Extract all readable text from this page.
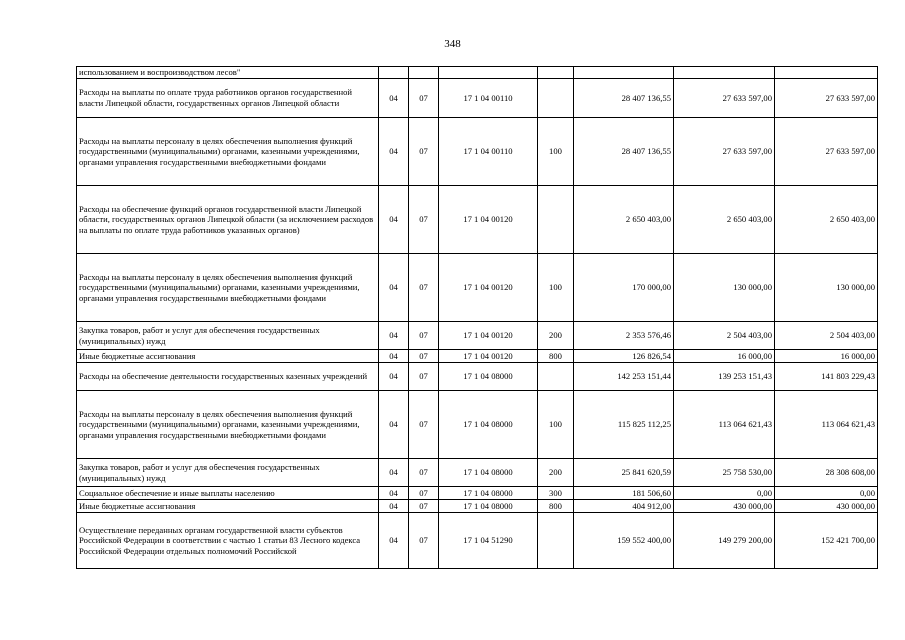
348
использованием и воспроизводством лесов"							
Расходы на выплаты по оплате труда работников органов государственной власти Липецкой области, государственных органов Липецкой области	04	07	17 1 04 00110		28 407 136,55	27 633 597,00	27 633 597,00
Расходы на выплаты персоналу в целях обеспечения выполнения функций государственными (муниципальными) органами, казенными учреждениями, органами управления государственными внебюджетными фондами	04	07	17 1 04 00110	100	28 407 136,55	27 633 597,00	27 633 597,00
Расходы на обеспечение функций органов государственной власти Липецкой области, государственных органов Липецкой области (за исключением расходов на выплаты по оплате труда работников указанных органов)	04	07	17 1 04 00120		2 650 403,00	2 650 403,00	2 650 403,00
Расходы на выплаты персоналу в целях обеспечения выполнения функций государственными (муниципальными) органами, казенными учреждениями, органами управления государственными внебюджетными фондами	04	07	17 1 04 00120	100	170 000,00	130 000,00	130 000,00
Закупка товаров, работ и услуг для обеспечения государственных (муниципальных) нужд	04	07	17 1 04 00120	200	2 353 576,46	2 504 403,00	2 504 403,00
Иные бюджетные ассигнования	04	07	17 1 04 00120	800	126 826,54	16 000,00	16 000,00
Расходы на обеспечение деятельности государственных казенных учреждений	04	07	17 1 04 08000		142 253 151,44	139 253 151,43	141 803 229,43
Расходы на выплаты персоналу в целях обеспечения выполнения функций государственными (муниципальными) органами, казенными учреждениями, органами управления государственными внебюджетными фондами	04	07	17 1 04 08000	100	115 825 112,25	113 064 621,43	113 064 621,43
Закупка товаров, работ и услуг для обеспечения государственных (муниципальных) нужд	04	07	17 1 04 08000	200	25 841 620,59	25 758 530,00	28 308 608,00
Социальное обеспечение и иные выплаты населению	04	07	17 1 04 08000	300	181 506,60	0,00	0,00
Иные бюджетные ассигнования	04	07	17 1 04 08000	800	404 912,00	430 000,00	430 000,00
Осуществление переданных органам государственной власти субъектов Российской Федерации в соответствии с частью 1 статьи 83 Лесного кодекса Российской Федерации отдельных полномочий Российской	04	07	17 1 04 51290		159 552 400,00	149 279 200,00	152 421 700,00
